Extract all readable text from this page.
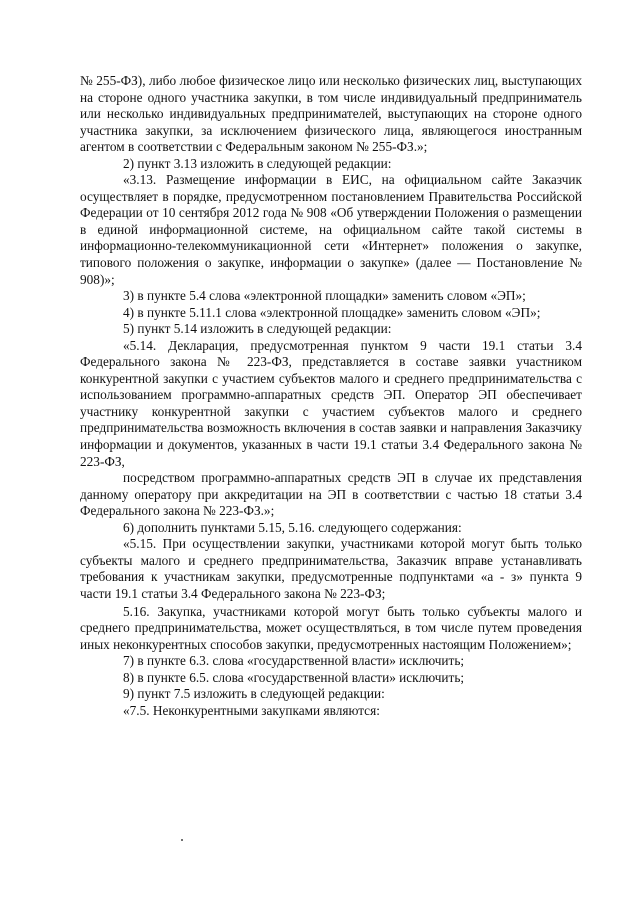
№ 255-ФЗ), либо любое физическое лицо или несколько физических лиц, выступающих на стороне одного участника закупки, в том числе индивидуальный предприниматель или несколько индивидуальных предпринимателей, выступающих на стороне одного участника закупки, за исключением физического лица, являющегося иностранным агентом в соответствии с Федеральным законом № 255-ФЗ.»;

2) пункт 3.13 изложить в следующей редакции:

«3.13. Размещение информации в ЕИС, на официальном сайте Заказчик осуществляет в порядке, предусмотренном постановлением Правительства Российской Федерации от 10 сентября 2012 года № 908 «Об утверждении Положения о размещении в единой информационной системе, на официальном сайте такой системы в информационно-телекоммуникационной сети «Интернет» положения о закупке, типового положения о закупке, информации о закупке» (далее — Постановление № 908)»;

3) в пункте 5.4 слова «электронной площадки» заменить словом «ЭП»;

4) в пункте 5.11.1 слова «электронной площадке» заменить словом «ЭП»;

5) пункт 5.14 изложить в следующей редакции:

«5.14. Декларация, предусмотренная пунктом 9 части 19.1 статьи 3.4 Федерального закона № 223-ФЗ, представляется в составе заявки участником конкурентной закупки с участием субъектов малого и среднего предпринимательства с использованием программно-аппаратных средств ЭП. Оператор ЭП обеспечивает участнику конкурентной закупки с участием субъектов малого и среднего предпринимательства возможность включения в состав заявки и направления Заказчику информации и документов, указанных в части 19.1 статьи 3.4 Федерального закона № 223-ФЗ,

посредством программно-аппаратных средств ЭП в случае их представления данному оператору при аккредитации на ЭП в соответствии с частью 18 статьи 3.4 Федерального закона № 223-ФЗ.»;

6) дополнить пунктами 5.15, 5.16. следующего содержания:

«5.15. При осуществлении закупки, участниками которой могут быть только субъекты малого и среднего предпринимательства, Заказчик вправе устанавливать требования к участникам закупки, предусмотренные подпунктами «а - з» пункта 9 части 19.1 статьи 3.4 Федерального закона № 223-ФЗ;

5.16. Закупка, участниками которой могут быть только субъекты малого и среднего предпринимательства, может осуществляться, в том числе путем проведения иных неконкурентных способов закупки, предусмотренных настоящим Положением»;

7) в пункте 6.3. слова «государственной власти» исключить;

8) в пункте 6.5. слова «государственной власти» исключить;

9) пункт 7.5 изложить в следующей редакции:

«7.5. Неконкурентными закупками являются:
